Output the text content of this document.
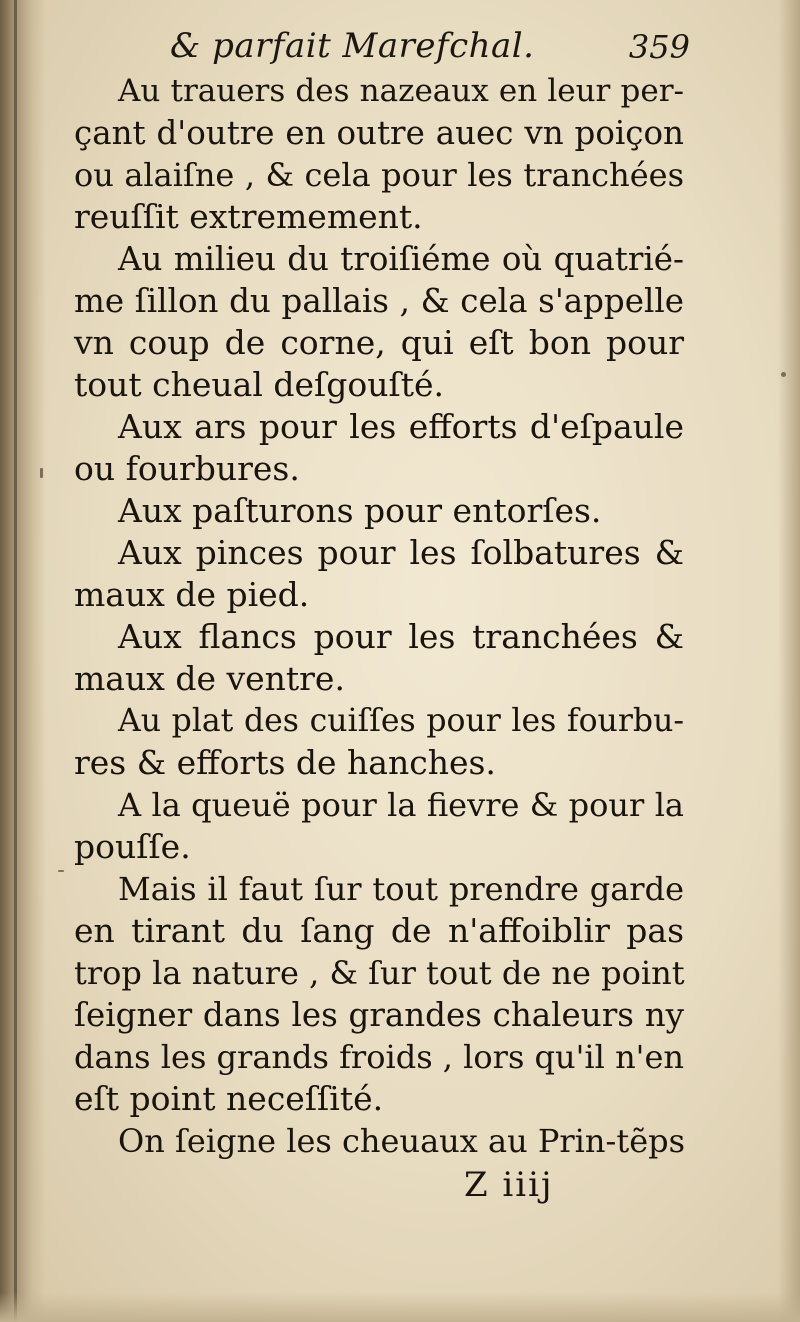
& parfait Marefchal.	359
Au trauers des nazeaux en leur per-
çant d'outre en outre auec vn poiçon
ou alaiſne , & cela pour les tranchées
reuſſit extremement.
Au milieu du troiſiéme où quatrié-
me ſillon du pallais , & cela s'appelle
vn coup de corne, qui eſt bon pour
tout cheual deſgouſté.
Aux ars pour les efforts d'eſpaule
ou fourbures.
Aux paſturons pour entorſes.
Aux pinces pour les ſolbatures &
maux de pied.
Aux flancs pour les tranchées &
maux de ventre.
Au plat des cuiſſes pour les fourbu-
res & efforts de hanches.
A la queuë pour la fievre & pour la
pouſſe.
Mais il faut ſur tout prendre garde
en tirant du ſang de n'affoiblir pas
trop la nature , & ſur tout de ne point
ſeigner dans les grandes chaleurs ny
dans les grands froids , lors qu'il n'en
eſt point neceſſité.
On ſeigne les cheuaux au Prin-tẽps
Z iiij
